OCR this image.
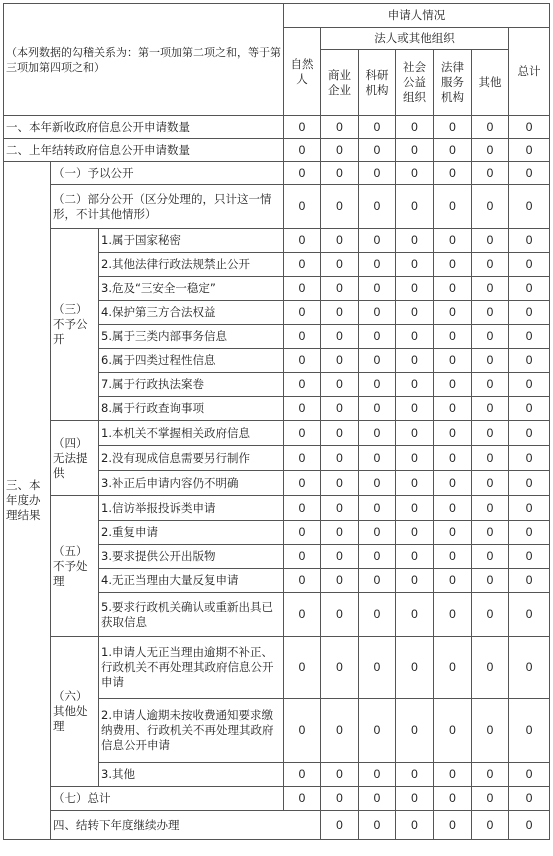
（本列数据的勾稽关系为：第一项加第二项之和，等于第三项加第四项之和）			申请人情况							
			自然人	法人或其他组织					总计	
				商业企业	科研机构	社会公益组织	法律服务机构	其他		
一、本年新收政府信息公开申请数量			0	0	0	0	0	0	0	
二、上年结转政府信息公开申请数量			0	0	0	0	0	0	0	
三、本年度办理结果	（一）予以公开		0	0	0	0	0	0	0	
	（二）部分公开（区分处理的，只计这一情形，不计其他情形）		0	0	0	0	0	0	0	
	（三）不予公开	1.属于国家秘密	0	0	0	0	0	0	0	
		2.其他法律行政法规禁止公开	0	0	0	0	0	0	0	
		3.危及“三安全一稳定”	0	0	0	0	0	0	0	
		4.保护第三方合法权益	0	0	0	0	0	0	0	
		5.属于三类内部事务信息	0	0	0	0	0	0	0	
		6.属于四类过程性信息	0	0	0	0	0	0	0	
		7.属于行政执法案卷	0	0	0	0	0	0	0	
		8.属于行政查询事项	0	0	0	0	0	0	0	
	（四）无法提供	1.本机关不掌握相关政府信息	0	0	0	0	0	0	0	
		2.没有现成信息需要另行制作	0	0	0	0	0	0	0	
		3.补正后申请内容仍不明确	0	0	0	0	0	0	0	
	（五）不予处理	1.信访举报投诉类申请	0	0	0	0	0	0	0	
		2.重复申请	0	0	0	0	0	0	0	
		3.要求提供公开出版物	0	0	0	0	0	0	0	
		4.无正当理由大量反复申请	0	0	0	0	0	0	0	
		5.要求行政机关确认或重新出具已获取信息	0	0	0	0	0	0	0	
	（六）其他处理	1.申请人无正当理由逾期不补正、行政机关不再处理其政府信息公开申请	0	0	0	0	0	0	0	
		2.申请人逾期未按收费通知要求缴纳费用、行政机关不再处理其政府 信息公开申请	0	0	0	0	0	0	0	
		3.其他	0	0	0	0	0	0	0	
	（七）总计		0	0	0	0	0	0	0	
	四、结转下年度继续办理			0	0	0	0	0	0	
